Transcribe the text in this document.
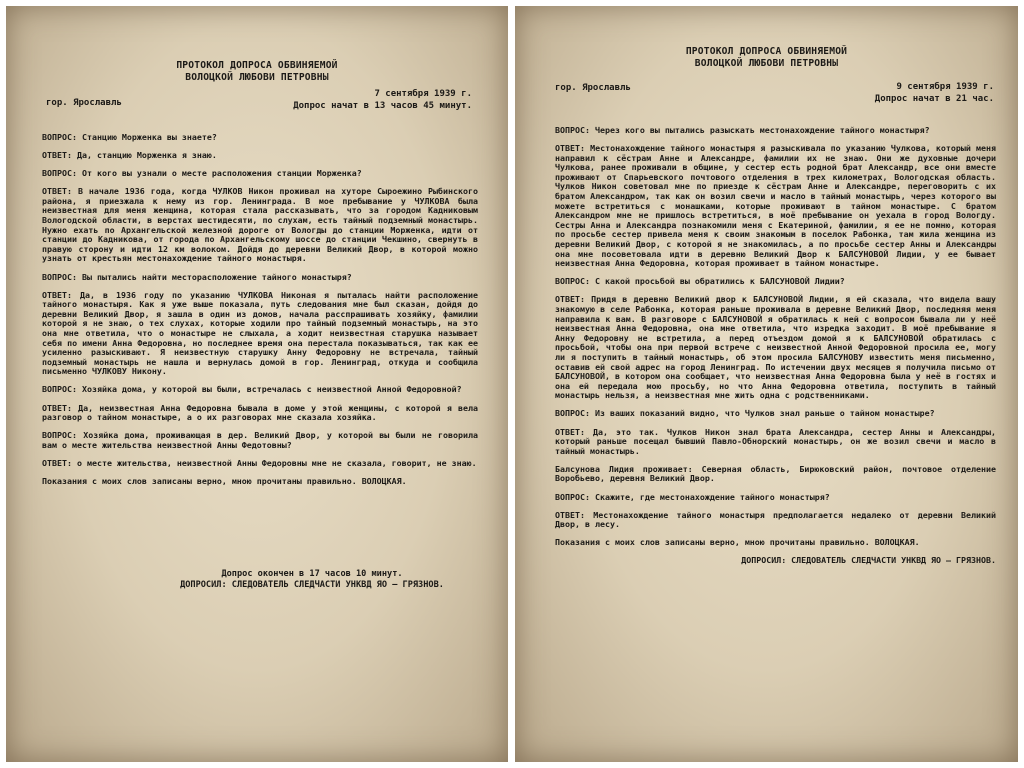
ПРОТОКОЛ ДОПРОСА ОБВИНЯЕМОЙ
ВОЛОЦКОЙ ЛЮБОВИ ПЕТРОВНЫ
гор. Ярославль
7 сентября 1939 г.
Допрос начат в 13 часов 45 минут.

ВОПРОС: Станцию Морженка вы знаете?

ОТВЕТ: Да, станцию Морженка я знаю.

ВОПРОС: От кого вы узнали о месте расположения станции Морженка?

ОТВЕТ: В начале 1936 года, когда ЧУЛКОВ Никон проживал на хуторе Сыроежино Рыбинского района, я приезжала к нему из гор. Ленинграда. В мое пребывание у ЧУЛКОВА была неизвестная для меня женщина, которая стала рассказывать, что за городом Кадниковым Вологодской области, в верстах шестидесяти, по слухам, есть тайный подземный монастырь. Нужно ехать по Архангельской железной дороге от Вологды до станции Морженка, идти от станции до Кадникова, от города по Архангельскому шоссе до станции Чекшино, свернуть в правую сторону и идти 12 км волоком. Дойдя до деревни Великий Двор, в которой можно узнать от крестьян местонахождение тайного монастыря.

ВОПРОС: Вы пытались найти месторасположение тайного монастыря?

ОТВЕТ: Да, в 1936 году по указанию ЧУЛКОВА Никоная я пыталась найти расположение тайного монастыря. Как я уже выше показала, путь следования мне был сказан, дойдя до деревни Великий Двор, я зашла в один из домов, начала расспрашивать хозяйку, фамилии которой я не знаю, о тех слухах, которые ходили про тайный подземный монастырь, на это она мне ответила, что о монастыре не слыхала, а ходит неизвестная старушка называет себя по имени Анна Федоровна, но последнее время она перестала показываться, так как ее усиленно разыскивают. Я неизвестную старушку Анну Федоровну не встречала, тайный подземный монастырь не нашла и вернулась домой в гор. Ленинград, откуда и сообщила письменно ЧУЛКОВУ Никону.

ВОПРОС: Хозяйка дома, у которой вы были, встречалась с неизвестной Анной Федоровной?

ОТВЕТ: Да, неизвестная Анна Федоровна бывала в доме у этой женщины, с которой я вела разговор о тайном монастыре, а о их разговорах мне сказала хозяйка.

ВОПРОС: Хозяйка дома, проживающая в дер. Великий Двор, у которой вы были не говорила вам о месте жительства неизвестной Анны Федотовны?

ОТВЕТ: о месте жительства, неизвестной Анны Федоровны мне не сказала, говорит, не знаю.

Показания с моих слов записаны верно, мною прочитаны правильно. ВОЛОЦКАЯ.

Допрос окончен в 17 часов 10 минут.
ДОПРОСИЛ: СЛЕДОВАТЕЛЬ СЛЕДЧАСТИ УНКВД ЯО — ГРЯЗНОВ.
ПРОТОКОЛ ДОПРОСА ОБВИНЯЕМОЙ
ВОЛОЦКОЙ ЛЮБОВИ ПЕТРОВНЫ
гор. Ярославль	9 сентября 1939 г.
Допрос начат в 21 час.

ВОПРОС: Через кого вы пытались разыскать местонахождение тайного монастыря?

ОТВЕТ: Местонахождение тайного монастыря я разыскивала по указанию Чулкова, который меня направил к сёстрам Анне и Александре, фамилии их не знаю. Они же духовные дочери Чулкова, ранее проживали в общине, у сестер есть родной брат Александр, все они вместе проживают от Спарьевского почтового отделения в трех километрах, Вологодская область. Чулков Никон советовал мне по приезде к сёстрам Анне и Александре, переговорить с их братом Александром, так как он возил свечи и масло в тайный монастырь, через которого вы можете встретиться с монашками, которые проживают в тайном монастыре. С братом Александром мне не пришлось встретиться, в моё пребывание он уехала в город Вологду. Сестры Анна и Александра познакомили меня с Екатериной, фамилии, я ее не помню, которая по просьбе сестер привела меня к своим знакомым в поселок Рабонка, там жила женщина из деревни Великий Двор, с которой я не знакомилась, а по просьбе сестер Анны и Александры она мне посоветовала идти в деревню Великий Двор к БАЛСУНОВОЙ Лидии, у ее бывает неизвестная Анна Федоровна, которая проживает в тайном монастыре.

ВОПРОС: С какой просьбой вы обратились к БАЛСУНОВОЙ Лидии?

ОТВЕТ: Придя в деревню Великий двор к БАЛСУНОВОЙ Лидии, я ей сказала, что видела вашу знакомую в селе Рабонка, которая раньше проживала в деревне Великий Двор, последняя меня направила к вам. В разговоре с БАЛСУНОВОЙ я обратилась к ней с вопросом бывала ли у неё неизвестная Анна Федоровна, она мне ответила, что изредка заходит. В моё пребывание я Анну Федоровну не встретила, а перед отъездом домой я к БАЛСУНОВОЙ обратилась с просьбой, чтобы она при первой встрече с неизвестной Анной Федоровной просила ее, могу ли я поступить в тайный монастырь, об этом просила БАЛСУНОВУ известить меня письменно, оставив ей свой адрес на город Ленинград. По истечении двух месяцев я получила письмо от БАЛСУНОВОЙ, в котором она сообщает, что неизвестная Анна Федоровна была у неё в гостях и она ей передала мою просьбу, но что Анна Федоровна ответила, поступить в тайный монастырь нельзя, а неизвестная мне жить одна с родственниками.

ВОПРОС: Из ваших показаний видно, что Чулков знал раньше о тайном монастыре?

ОТВЕТ: Да, это так. Чулков Никон знал брата Александра, сестер Анны и Александры, который раньше посещал бывший Павло-Обнорский монастырь, он же возил свечи и масло в тайный монастырь.

Балсунова Лидия проживает: Северная область, Бирюковский район, почтовое отделение Воробьево, деревня Великий Двор.

ВОПРОС: Скажите, где местонахождение тайного монастыря?

ОТВЕТ: Местонахождение тайного монастыря предполагается недалеко от деревни Великий Двор, в лесу.

Показания с моих слов записаны верно, мною прочитаны правильно. ВОЛОЦКАЯ.

ДОПРОСИЛ: СЛЕДОВАТЕЛЬ СЛЕДЧАСТИ УНКВД ЯО — ГРЯЗНОВ.
